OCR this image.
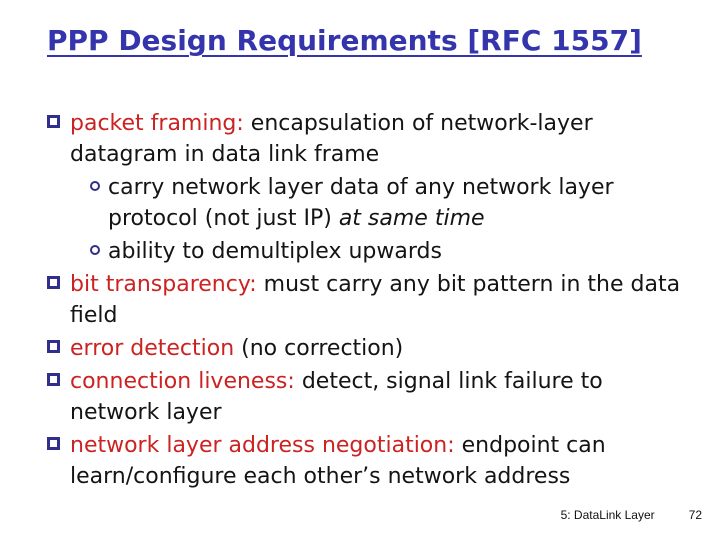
PPP Design Requirements [RFC 1557]
packet framing: encapsulation of network-layer datagram in data link frame
carry network layer data of any network layer protocol (not just IP) at same time
ability to demultiplex upwards
bit transparency: must carry any bit pattern in the data field
error detection (no correction)
connection liveness: detect, signal link failure to network layer
network layer address negotiation: endpoint can learn/configure each other’s network address
5: DataLink Layer	72
